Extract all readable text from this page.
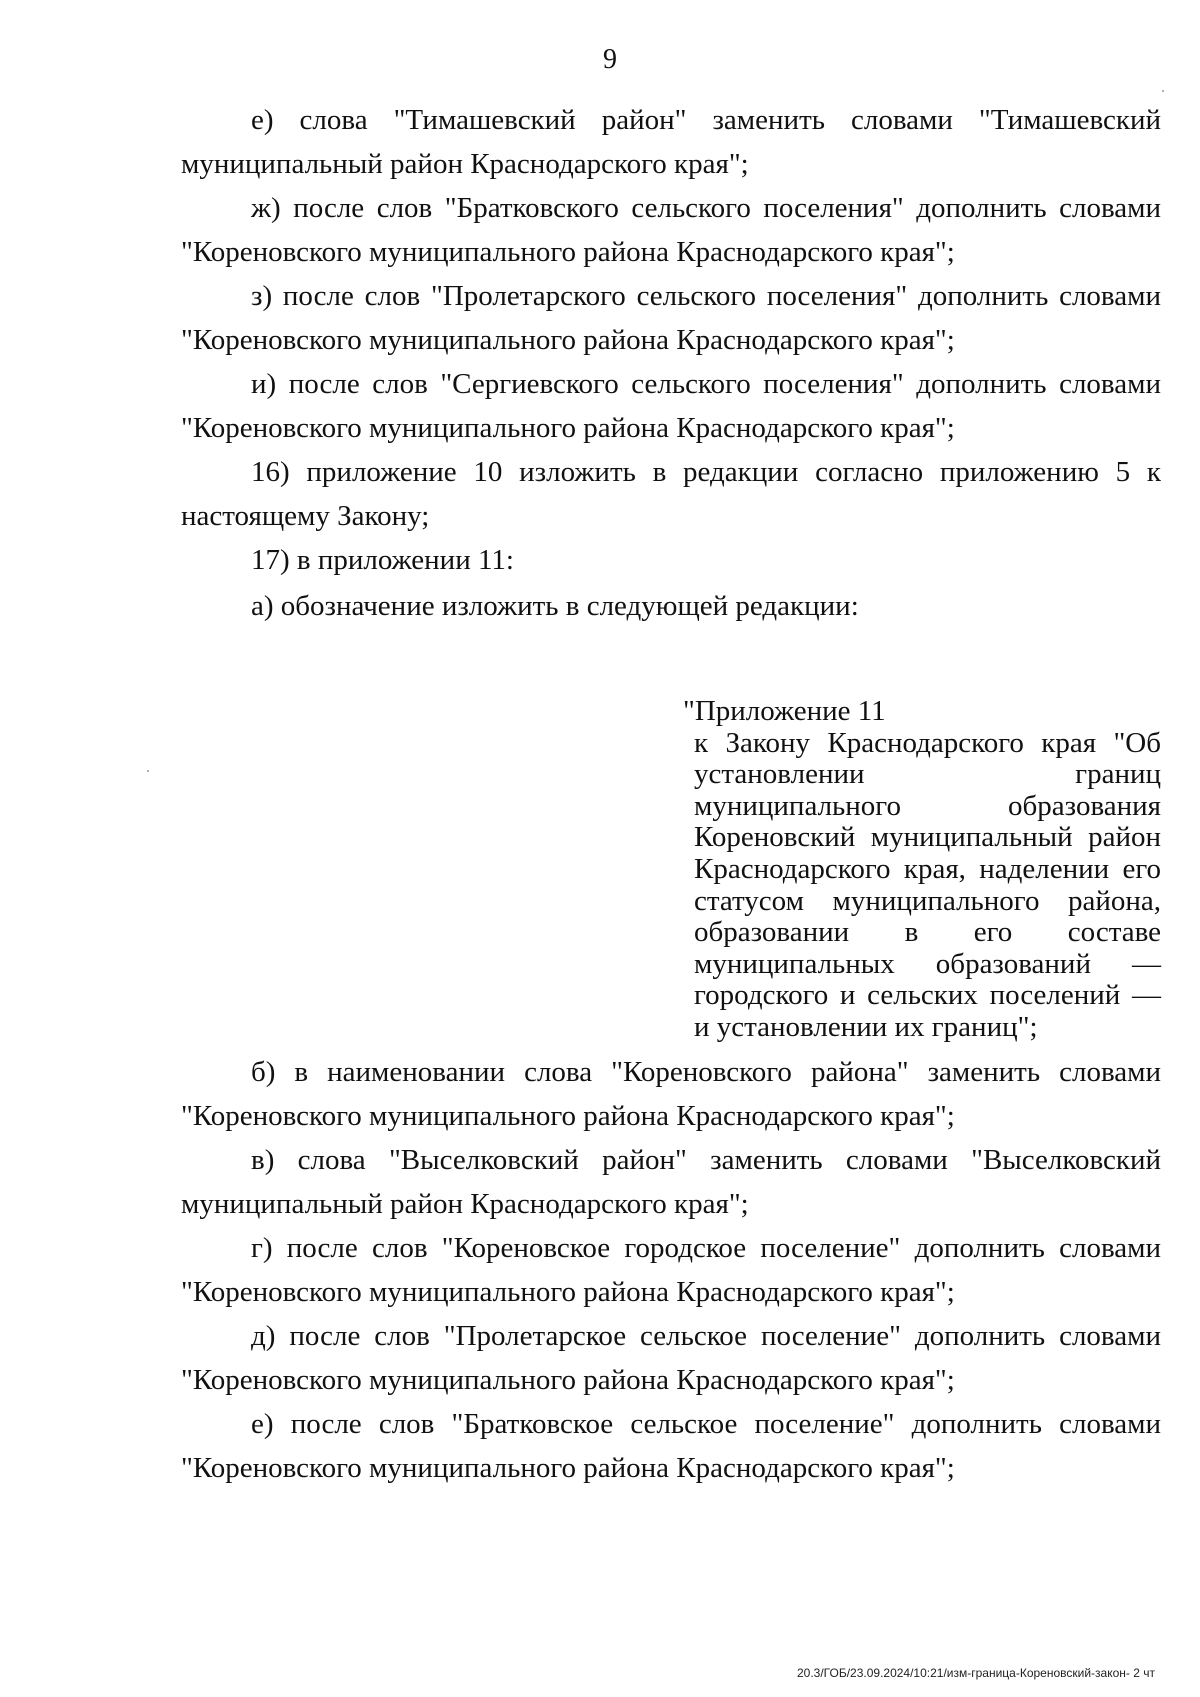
9

е) слова "Тимашевский район" заменить словами "Тимашевский муниципальный район Краснодарского края";

ж) после слов "Братковского сельского поселения" дополнить словами "Кореновского муниципального района Краснодарского края";

з) после слов "Пролетарского сельского поселения" дополнить словами "Кореновского муниципального района Краснодарского края";

и) после слов "Сергиевского сельского поселения" дополнить словами "Кореновского муниципального района Краснодарского края";

16) приложение 10 изложить в редакции согласно приложению 5 к настоящему Закону;

17) в приложении 11:

а) обозначение изложить в следующей редакции:

"Приложение 11
к Закону Краснодарского края "Об установлении границ муниципального образования Кореновский муниципальный район Краснодарского края, наделении его статусом муниципального района, образовании в его составе муниципальных образований — городского и сельских поселений — и установлении их границ";

б) в наименовании слова "Кореновского района" заменить словами "Кореновского муниципального района Краснодарского края";

в) слова "Выселковский район" заменить словами "Выселковский муниципальный район Краснодарского края";

г) после слов "Кореновское городское поселение" дополнить словами "Кореновского муниципального района Краснодарского края";

д) после слов "Пролетарское сельское поселение" дополнить словами "Кореновского муниципального района Краснодарского края";

е) после слов "Братковское сельское поселение" дополнить словами "Кореновского муниципального района Краснодарского края";

20.3/ГОБ/23.09.2024/10:21/изм-граница-Кореновский-закон- 2 чт
